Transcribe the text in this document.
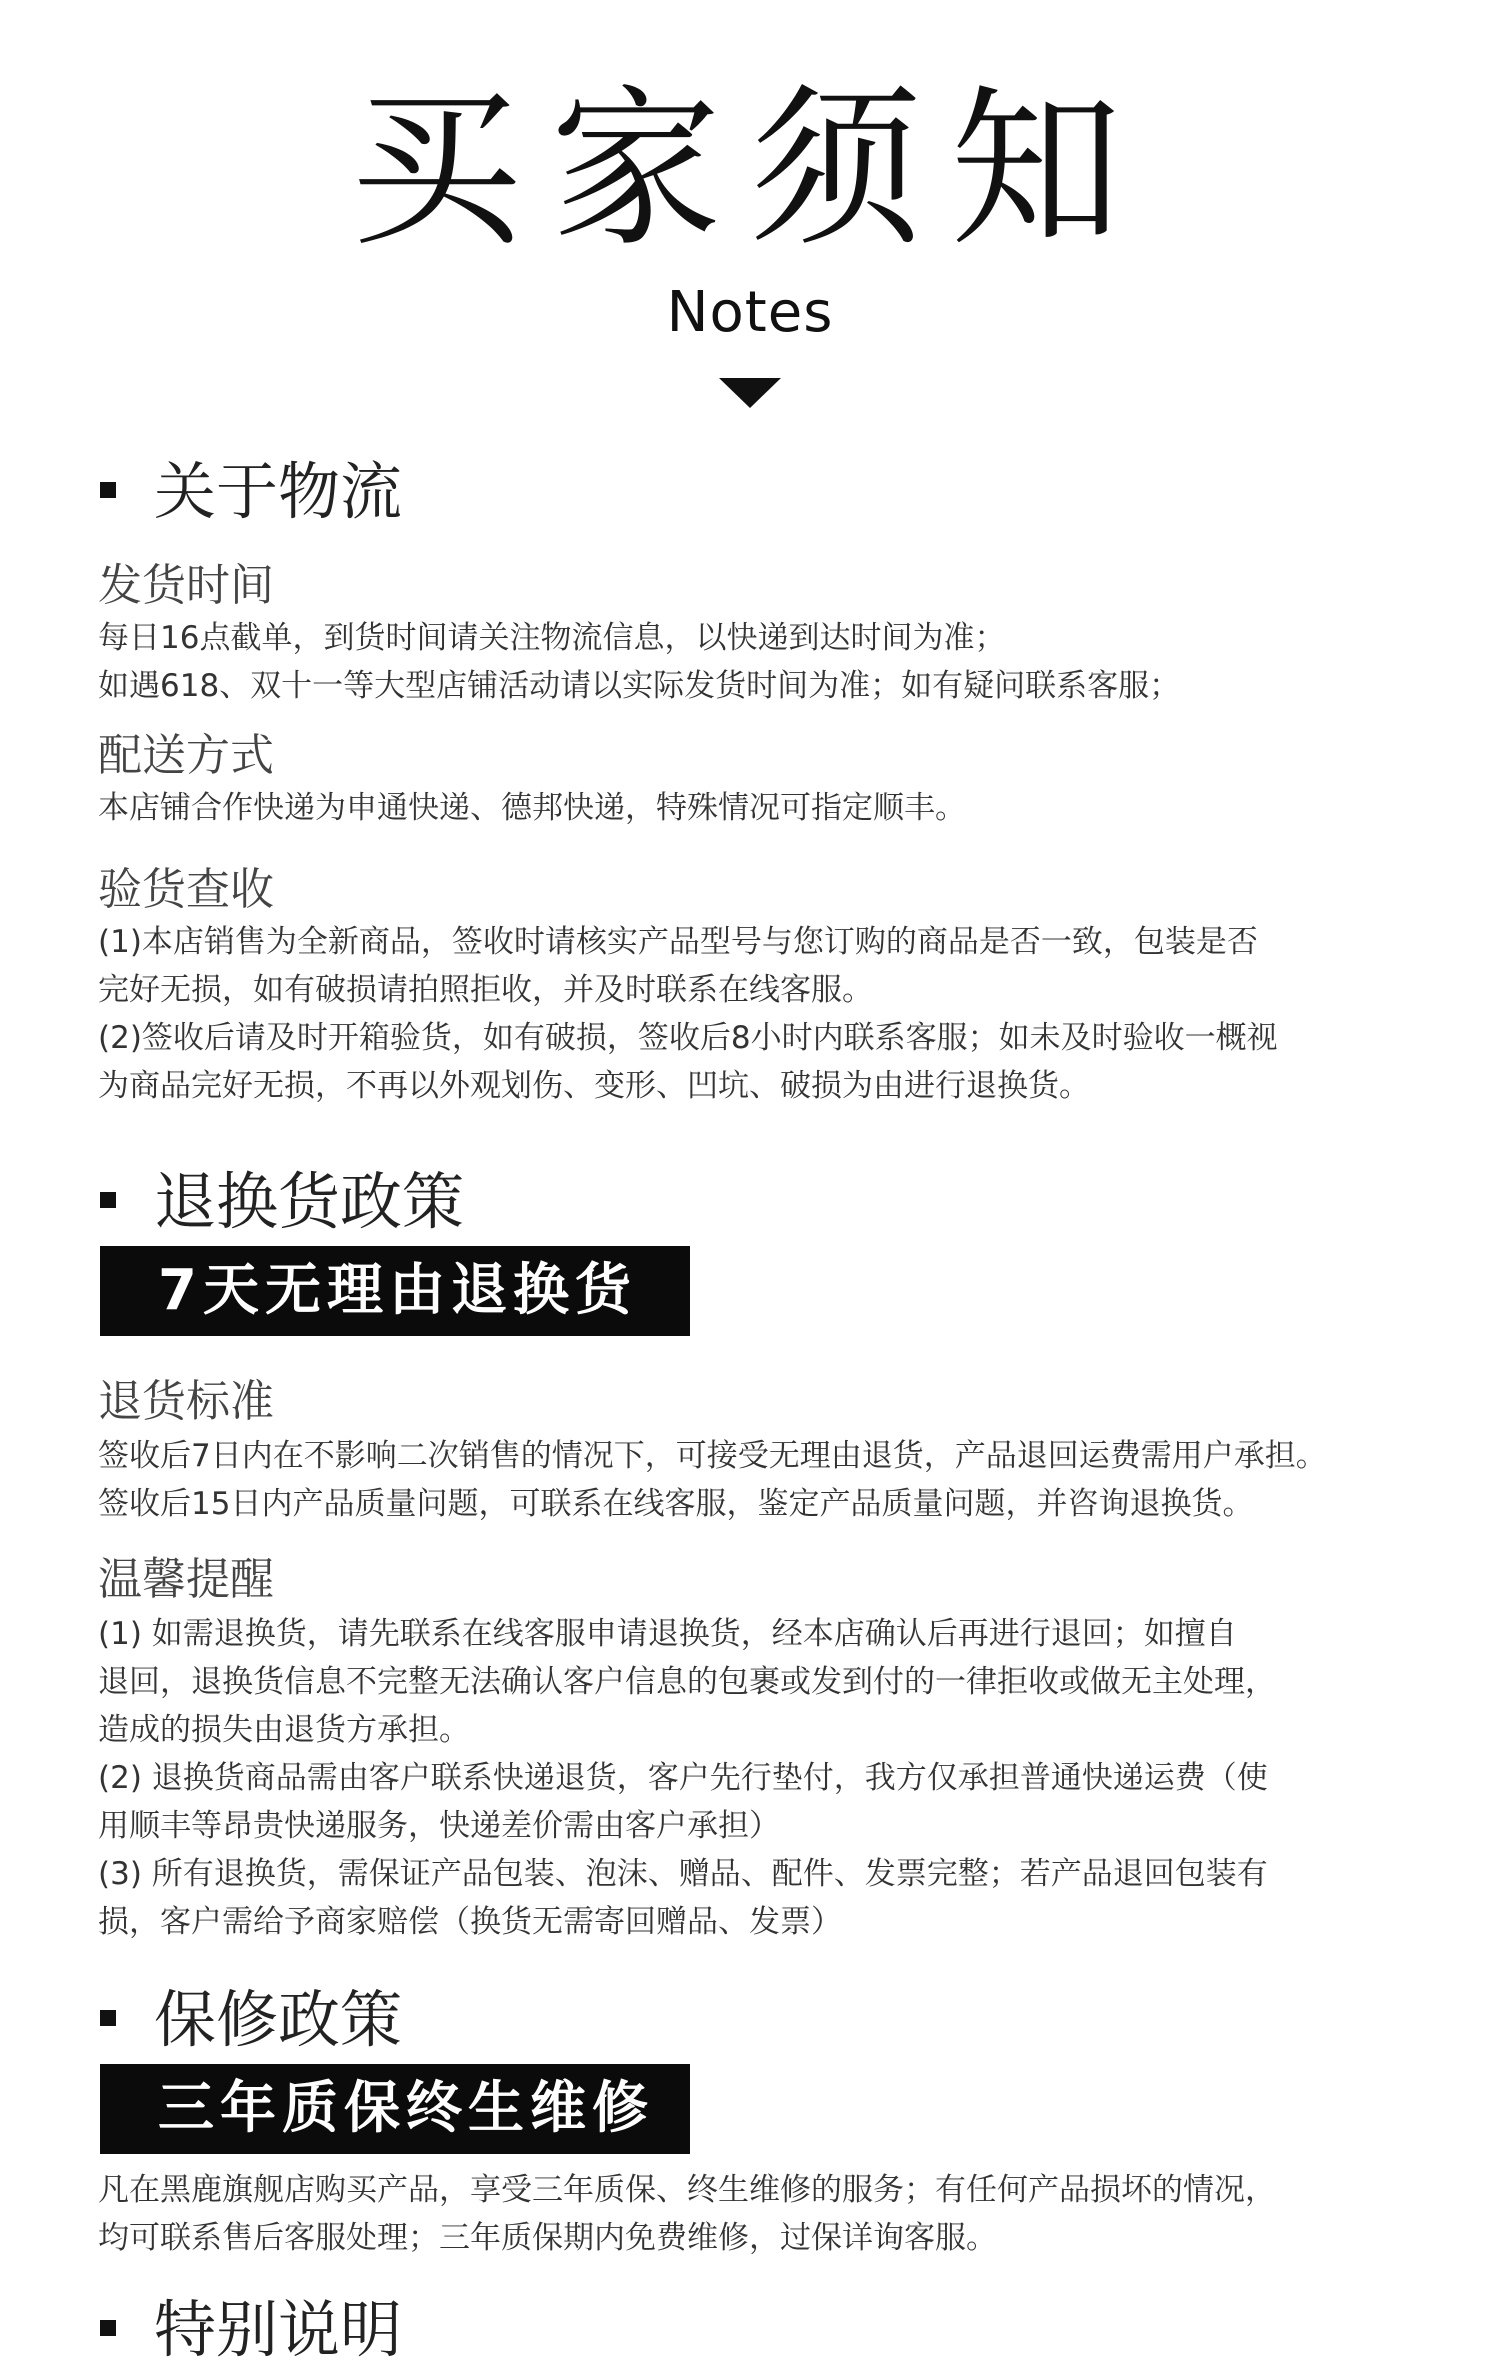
买家须知
Notes
关于物流
发货时间
每日16点截单，到货时间请关注物流信息，以快递到达时间为准；
如遇618、双十一等大型店铺活动请以实际发货时间为准；如有疑问联系客服；
配送方式
本店铺合作快递为申通快递、德邦快递，特殊情况可指定顺丰。
验货查收
(1)本店销售为全新商品，签收时请核实产品型号与您订购的商品是否一致，包装是否
完好无损，如有破损请拍照拒收，并及时联系在线客服。
(2)签收后请及时开箱验货，如有破损，签收后8小时内联系客服；如未及时验收一概视
为商品完好无损，不再以外观划伤、变形、凹坑、破损为由进行退换货。
退换货政策
7天无理由退换货
退货标准
签收后7日内在不影响二次销售的情况下，可接受无理由退货，产品退回运费需用户承担。
签收后15日内产品质量问题，可联系在线客服，鉴定产品质量问题，并咨询退换货。
温馨提醒
(1) 如需退换货，请先联系在线客服申请退换货，经本店确认后再进行退回；如擅自
退回，退换货信息不完整无法确认客户信息的包裹或发到付的一律拒收或做无主处理，
造成的损失由退货方承担。
(2) 退换货商品需由客户联系快递退货，客户先行垫付，我方仅承担普通快递运费（使
用顺丰等昂贵快递服务，快递差价需由客户承担）
(3) 所有退换货，需保证产品包装、泡沫、赠品、配件、发票完整；若产品退回包装有
损，客户需给予商家赔偿（换货无需寄回赠品、发票）
保修政策
三年质保终生维修
凡在黑鹿旗舰店购买产品，享受三年质保、终生维修的服务；有任何产品损坏的情况，
均可联系售后客服处理；三年质保期内免费维修，过保详询客服。
特别说明
